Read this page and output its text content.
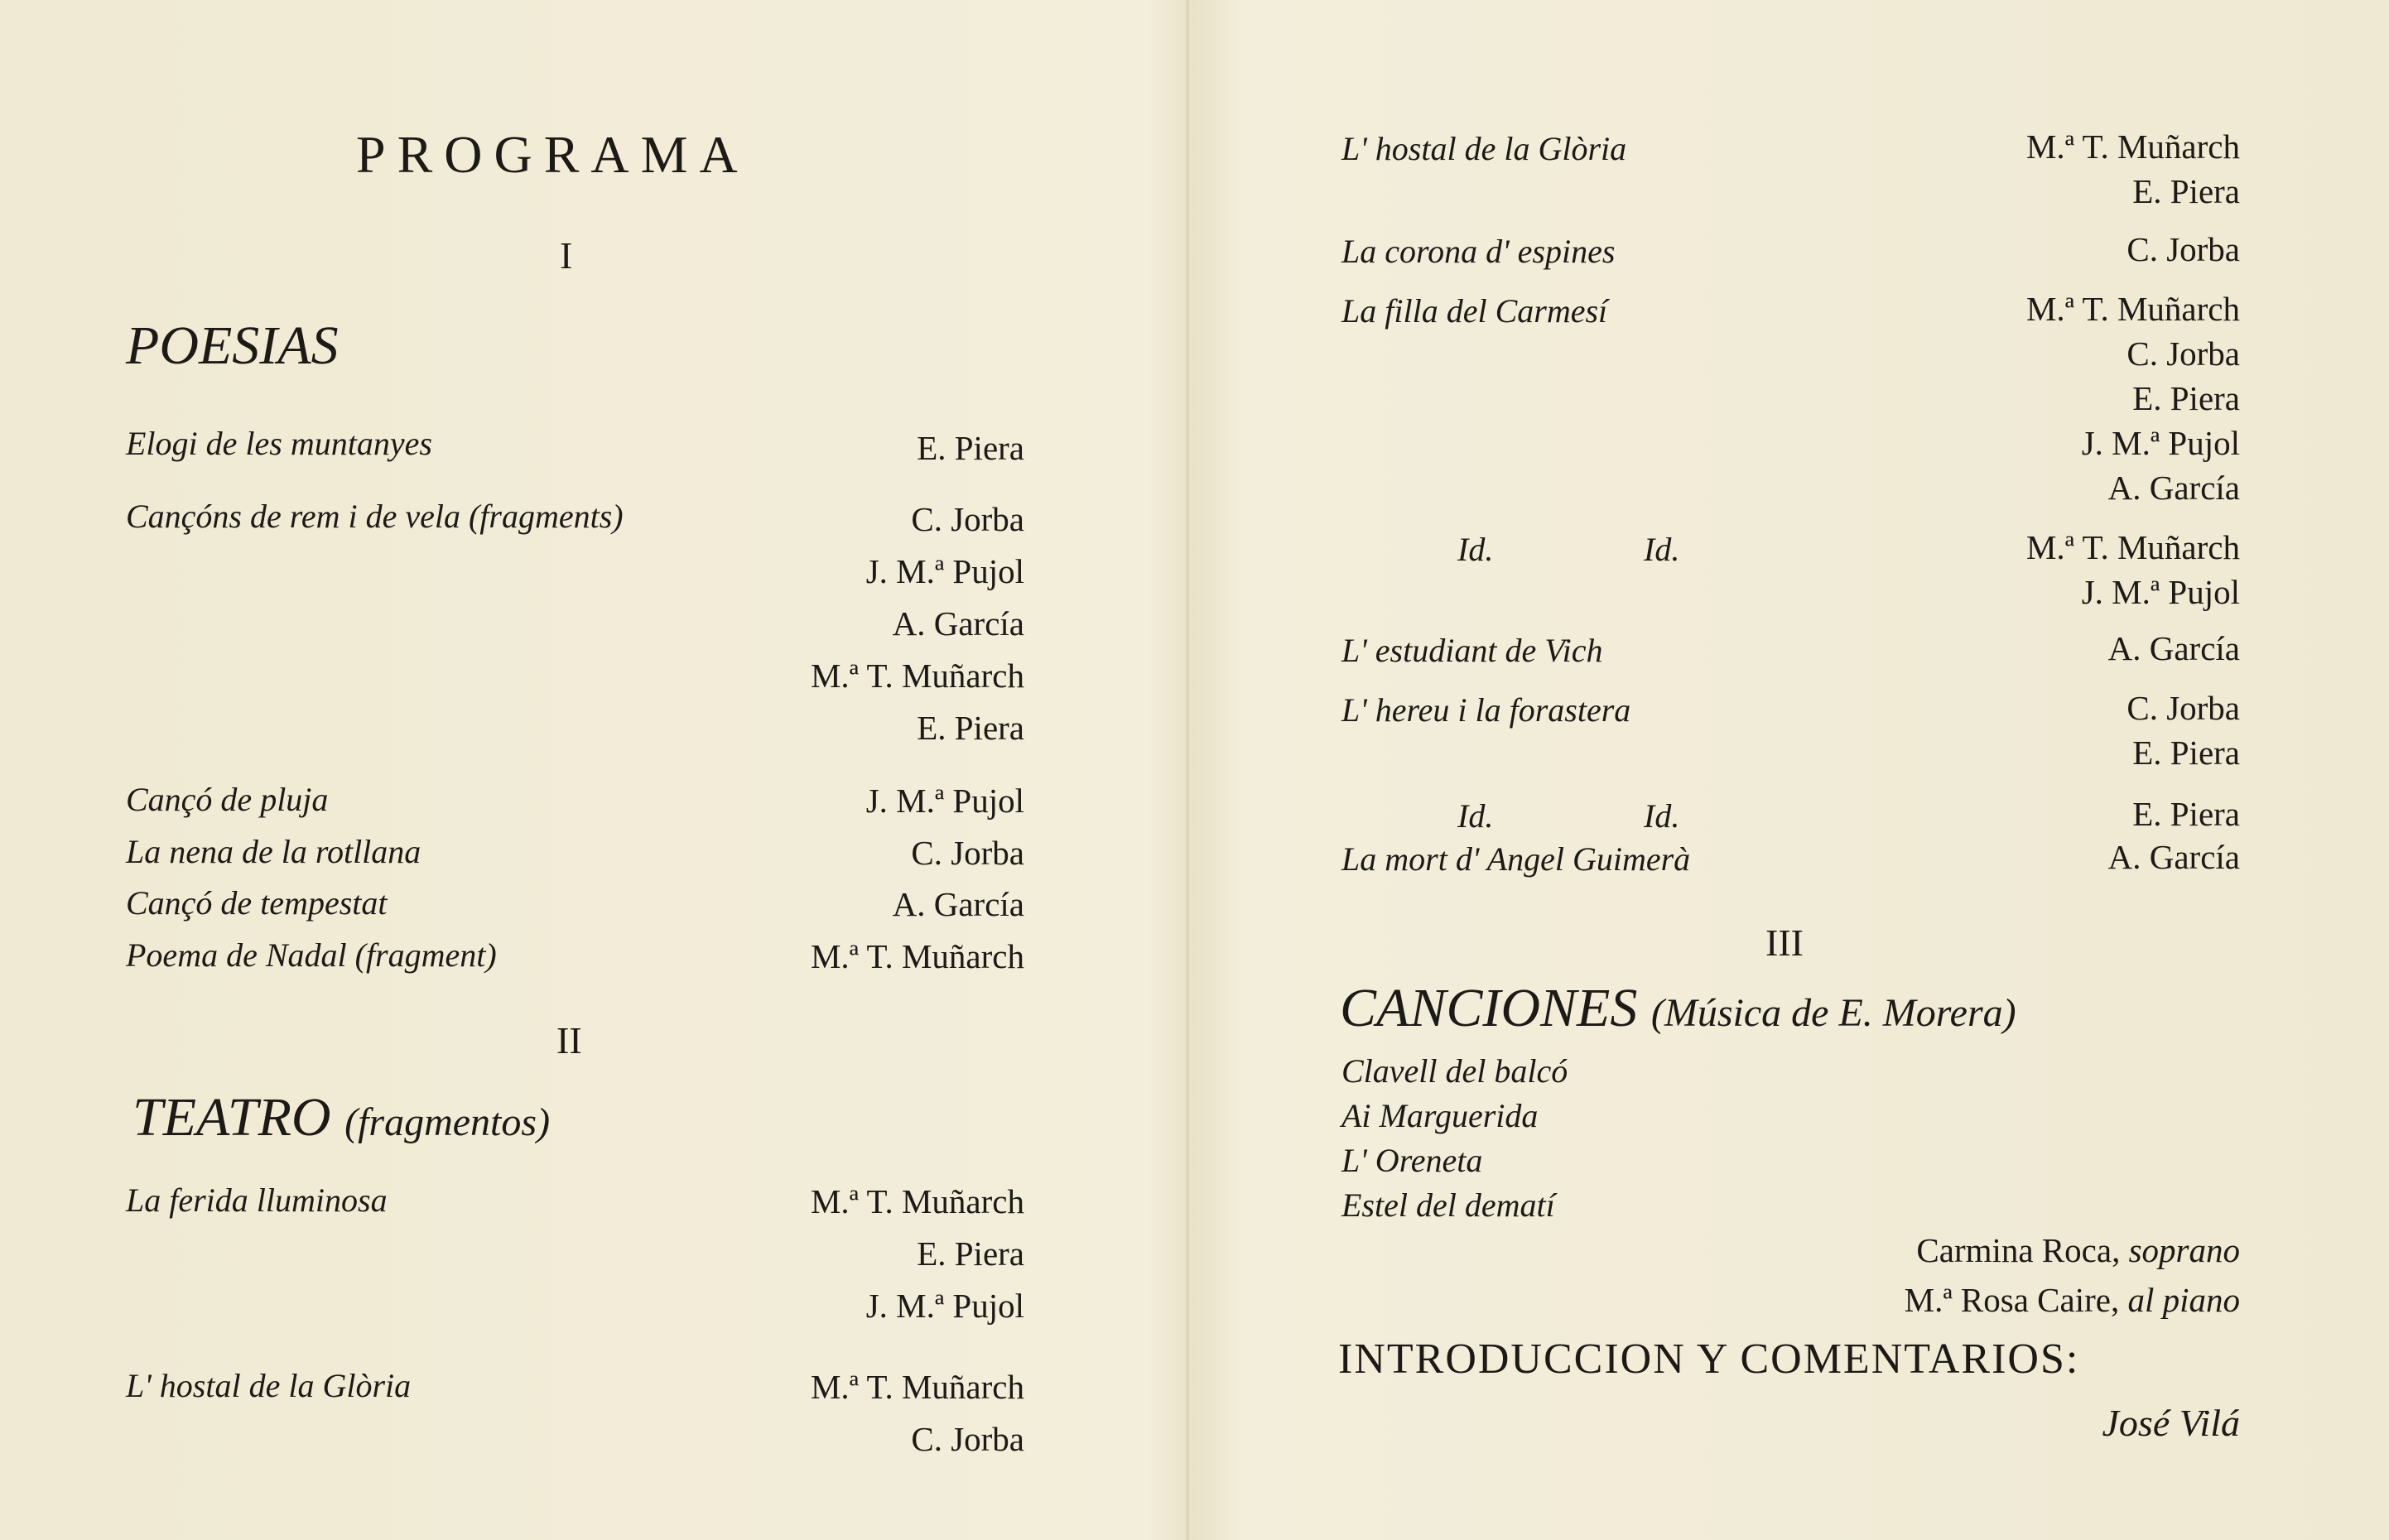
PROGRAMA
I
POESIAS
Elogi de les muntanyes	E. Piera
Cançóns de rem i de vela (fragments)	C. Jorba
J. M.ª Pujol
A. García
M.ª T. Muñarch
E. Piera
Cançó de pluja	J. M.ª Pujol
La nena de la rotllana	C. Jorba
Cançó de tempestat	A. García
Poema de Nadal (fragment)	M.ª T. Muñarch
II
TEATRO (fragmentos)
La ferida lluminosa	M.ª T. Muñarch
E. Piera
J. M.ª Pujol
L' hostal de la Glòria	M.ª T. Muñarch
C. Jorba
L' hostal de la Glòria	M.ª T. Muñarch
E. Piera
La corona d' espines	C. Jorba
La filla del Carmesí	M.ª T. Muñarch
C. Jorba
E. Piera
J. M.ª Pujol
A. García
Id.	Id.	M.ª T. Muñarch
J. M.ª Pujol
L' estudiant de Vich	A. García
L' hereu i la forastera	C. Jorba
E. Piera
Id.	Id.	E. Piera
La mort d' Angel Guimerà	A. García
III
CANCIONES (Música de E. Morera)
Clavell del balcó
Ai Marguerida
L' Oreneta
Estel del dematí
Carmina Roca, soprano
M.ª Rosa Caire, al piano
INTRODUCCION Y COMENTARIOS:
José Vilá
